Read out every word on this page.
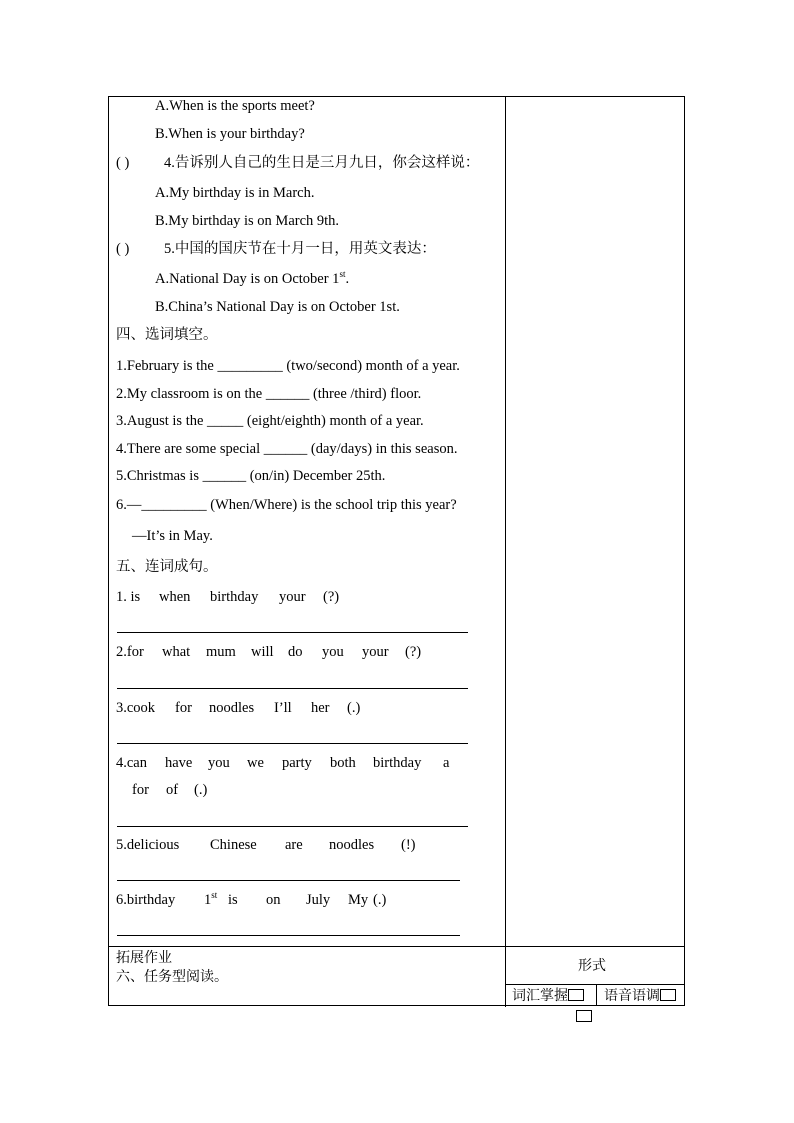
A.When is the sports meet?
B.When is your birthday?
( ) 4.告诉别人自己的生日是三月九日，你会这样说：
A.My birthday is in March.
B.My birthday is on March 9th.
( ) 5.中国的国庆节在十月一日，用英文表达：
A.National Day is on October 1st.
B.China’s National Day is on October 1st.
四、选词填空。
1.February is the _________ (two/second) month of a year.
2.My classroom is on the ______ (three /third) floor.
3.August is the _____ (eight/eighth) month of a year.
4.There are some special ______ (day/days) in this season.
5.Christmas is ______ (on/in) December 25th.
6.—_________ (When/Where) is the school trip this year?
—It’s in May.
五、连词成句。
1. is when birthday your (?)
2.for what mum will do you your (?)
3.cook for noodles I’ll her (.)
4.can have you we party both birthday a
for of (.)
5.delicious Chinese are noodles (!)
6.birthday 1st is on July My (.)
拓展作业
六、任务型阅读。
形式
词汇掌握	语音语调
